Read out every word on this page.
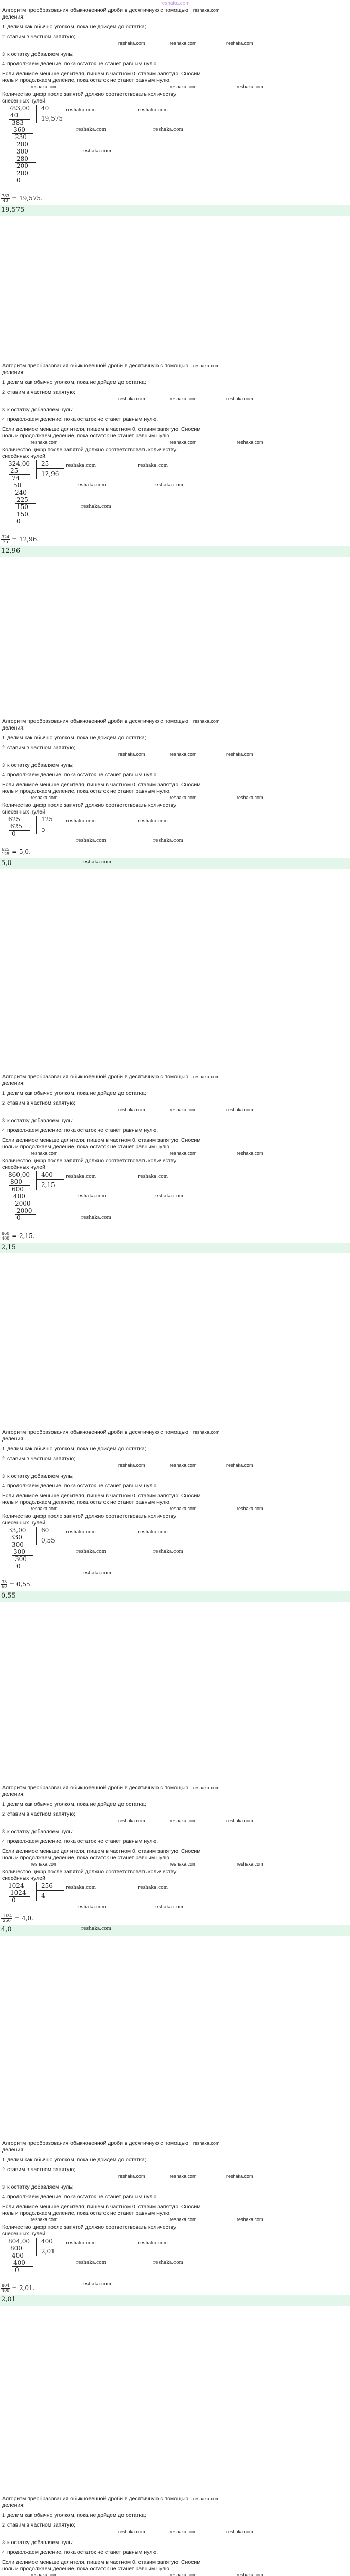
reshaka.com
Алгоритм преобразования обыкновенной дроби в десятичную с помощью reshaka.com
деления:
1 делим как обычно уголком, пока не дойдем до остатка;
2 ставим в частном запятую;
reshaka.com	reshaka.com	reshaka.com
3 к остатку добавляем нуль;
4 продолжаем деление, пока остаток не станет равным нулю.
Если делимое меньше делителя, пишем в частном 0, ставим запятую. Сносим
ноль и продолжаем деление, пока остаток не станет равным нулю.
reshaka.com	reshaka.com	reshaka.com
Количество цифр после запятой должно соответствовать количеству
снесённых нулей.
783,00 40
19,575
40
383
360
230
200
300
280
200
200
0
reshaka.com	reshaka.com
reshaka.com	reshaka.com
reshaka.com
$\frac{783}{40} = 19,575$.
19,575
Алгоритм преобразования обыкновенной дроби в десятичную с помощью reshaka.com
деления:
1 делим как обычно уголком, пока не дойдем до остатка;
2 ставим в частном запятую;
reshaka.com	reshaka.com	reshaka.com
3 к остатку добавляем нуль;
4 продолжаем деление, пока остаток не станет равным нулю.
Если делимое меньше делителя, пишем в частном 0, ставим запятую. Сносим
ноль и продолжаем деление, пока остаток не станет равным нулю.
reshaka.com	reshaka.com	reshaka.com
Количество цифр после запятой должно соответствовать количеству
снесённых нулей.
324,00 25
12,96
25
74
50
240
225
150
150
0
reshaka.com	reshaka.com
reshaka.com	reshaka.com
reshaka.com
$\frac{324}{25} = 12,96$.
12,96
Алгоритм преобразования обыкновенной дроби в десятичную с помощью reshaka.com
деления:
1 делим как обычно уголком, пока не дойдем до остатка;
2 ставим в частном запятую;
reshaka.com	reshaka.com	reshaka.com
3 к остатку добавляем нуль;
4 продолжаем деление, пока остаток не станет равным нулю.
Если делимое меньше делителя, пишем в частном 0, ставим запятую. Сносим
ноль и продолжаем деление, пока остаток не станет равным нулю.
reshaka.com	reshaka.com	reshaka.com
Количество цифр после запятой должно соответствовать количеству
снесённых нулей.
625	125
5
625
0
reshaka.com	reshaka.com
reshaka.com	reshaka.com
reshaka.com
$\frac{625}{125} = 5,0$.
5,0
Алгоритм преобразования обыкновенной дроби в десятичную с помощью reshaka.com
деления:
1 делим как обычно уголком, пока не дойдем до остатка;
2 ставим в частном запятую;
reshaka.com	reshaka.com	reshaka.com
3 к остатку добавляем нуль;
4 продолжаем деление, пока остаток не станет равным нулю.
Если делимое меньше делителя, пишем в частном 0, ставим запятую. Сносим
ноль и продолжаем деление, пока остаток не станет равным нулю.
reshaka.com	reshaka.com	reshaka.com
Количество цифр после запятой должно соответствовать количеству
снесённых нулей.
860,00 400
2,15
800
600
400
2000
2000
0
reshaka.com	reshaka.com
reshaka.com	reshaka.com
reshaka.com
$\frac{860}{400} = 2,15$.
2,15
Алгоритм преобразования обыкновенной дроби в десятичную с помощью reshaka.com
деления:
1 делим как обычно уголком, пока не дойдем до остатка;
2 ставим в частном запятую;
reshaka.com	reshaka.com	reshaka.com
3 к остатку добавляем нуль;
4 продолжаем деление, пока остаток не станет равным нулю.
Если делимое меньше делителя, пишем в частном 0, ставим запятую. Сносим
ноль и продолжаем деление, пока остаток не станет равным нулю.
reshaka.com	reshaka.com	reshaka.com
Количество цифр после запятой должно соответствовать количеству
снесённых нулей.
33,00 60
0,55
330
300
300
300
0
reshaka.com	reshaka.com
reshaka.com	reshaka.com
reshaka.com
$\frac{33}{60} = 0,55$.
0,55
Алгоритм преобразования обыкновенной дроби в десятичную с помощью reshaka.com
деления:
1 делим как обычно уголком, пока не дойдем до остатка;
2 ставим в частном запятую;
reshaka.com	reshaka.com	reshaka.com
3 к остатку добавляем нуль;
4 продолжаем деление, пока остаток не станет равным нулю.
Если делимое меньше делителя, пишем в частном 0, ставим запятую. Сносим
ноль и продолжаем деление, пока остаток не станет равным нулю.
reshaka.com	reshaka.com	reshaka.com
Количество цифр после запятой должно соответствовать количеству
снесённых нулей.
1024	256
4
1024
0
reshaka.com	reshaka.com
reshaka.com	reshaka.com
reshaka.com
$\frac{1024}{256} = 4,0$.
4,0
Алгоритм преобразования обыкновенной дроби в десятичную с помощью reshaka.com
деления:
1 делим как обычно уголком, пока не дойдем до остатка;
2 ставим в частном запятую;
reshaka.com	reshaka.com	reshaka.com
3 к остатку добавляем нуль;
4 продолжаем деление, пока остаток не станет равным нулю.
Если делимое меньше делителя, пишем в частном 0, ставим запятую. Сносим
ноль и продолжаем деление, пока остаток не станет равным нулю.
reshaka.com	reshaka.com	reshaka.com
Количество цифр после запятой должно соответствовать количеству
снесённых нулей.
804,00 400
2,01
800
400
400
0
reshaka.com	reshaka.com
reshaka.com	reshaka.com
reshaka.com
$\frac{804}{400} = 2,01$.
2,01
Алгоритм преобразования обыкновенной дроби в десятичную с помощью reshaka.com
деления:
1 делим как обычно уголком, пока не дойдем до остатка;
2 ставим в частном запятую;
reshaka.com	reshaka.com	reshaka.com
3 к остатку добавляем нуль;
4 продолжаем деление, пока остаток не станет равным нулю.
Если делимое меньше делителя, пишем в частном 0, ставим запятую. Сносим
ноль и продолжаем деление, пока остаток не станет равным нулю.
reshaka.com	reshaka.com	reshaka.com
